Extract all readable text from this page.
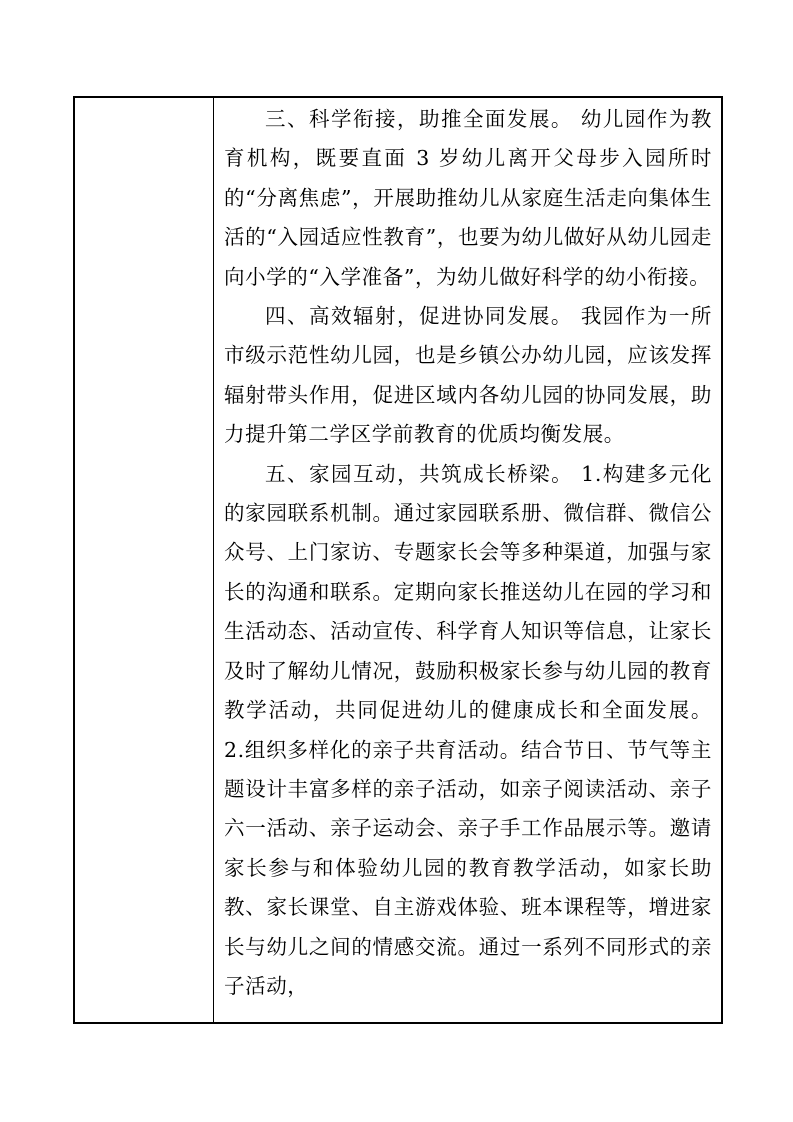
三、科学衔接，助推全面发展。 幼儿园作为教育机构，既要直面 3 岁幼儿离开父母步入园所时的“分离焦虑”，开展助推幼儿从家庭生活走向集体生活的“入园适应性教育”，也要为幼儿做好从幼儿园走向小学的“入学准备”，为幼儿做好科学的幼小衔接。

四、高效辐射，促进协同发展。 我园作为一所市级示范性幼儿园，也是乡镇公办幼儿园，应该发挥辐射带头作用，促进区域内各幼儿园的协同发展，助力提升第二学区学前教育的优质均衡发展。

五、家园互动，共筑成长桥梁。 1.构建多元化的家园联系机制。通过家园联系册、微信群、微信公众号、上门家访、专题家长会等多种渠道，加强与家长的沟通和联系。定期向家长推送幼儿在园的学习和生活动态、活动宣传、科学育人知识等信息，让家长及时了解幼儿情况，鼓励积极家长参与幼儿园的教育教学活动，共同促进幼儿的健康成长和全面发展。 2.组织多样化的亲子共育活动。结合节日、节气等主题设计丰富多样的亲子活动，如亲子阅读活动、亲子六一活动、亲子运动会、亲子手工作品展示等。邀请家长参与和体验幼儿园的教育教学活动，如家长助教、家长课堂、自主游戏体验、班本课程等，增进家长与幼儿之间的情感交流。通过一系列不同形式的亲子活动，
